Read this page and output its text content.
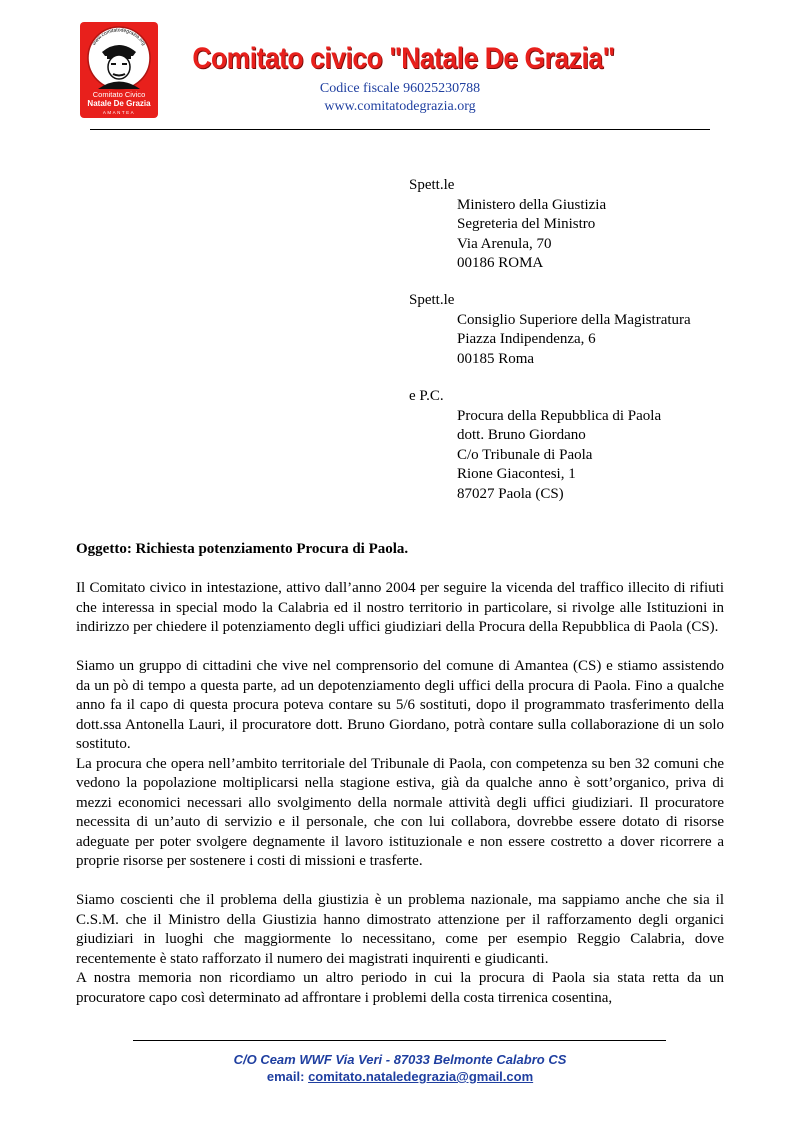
www.comitatodegrazia.org
Comitato Civico
Natale De Grazia
AMANTEA
Comitato civico "Natale De Grazia"
Codice fiscale 96025230788
www.comitatodegrazia.org
Spett.le
Ministero della Giustizia
Segreteria del Ministro
Via Arenula, 70
00186 ROMA
Spett.le
Consiglio Superiore della Magistratura
Piazza Indipendenza, 6
00185 Roma
e P.C.
Procura della Repubblica di Paola
dott. Bruno Giordano
C/o Tribunale di Paola
Rione Giacontesi, 1
87027 Paola (CS)
Oggetto: Richiesta potenziamento Procura di Paola.

Il Comitato civico in intestazione, attivo dall’anno 2004 per seguire la vicenda del traffico illecito di rifiuti che interessa in special modo la Calabria ed il nostro territorio in particolare, si rivolge alle Istituzioni in indirizzo per chiedere il potenziamento degli uffici giudiziari della Procura della Repubblica di Paola (CS).

Siamo un gruppo di cittadini che vive nel comprensorio del comune di Amantea (CS) e stiamo assistendo da un pò di tempo a questa parte, ad un depotenziamento degli uffici della procura di Paola. Fino a qualche anno fa il capo di questa procura poteva contare su 5/6 sostituti, dopo il programmato trasferimento della dott.ssa Antonella Lauri, il procuratore dott. Bruno Giordano, potrà contare sulla collaborazione di un solo sostituto.

La procura che opera nell’ambito territoriale del Tribunale di Paola, con competenza su ben 32 comuni che vedono la popolazione moltiplicarsi nella stagione estiva, già da qualche anno è sott’organico, priva di mezzi economici necessari allo svolgimento della normale attività degli uffici giudiziari. Il procuratore necessita di un’auto di servizio e il personale, che con lui collabora, dovrebbe essere dotato di risorse adeguate per poter svolgere degnamente il lavoro istituzionale e non essere costretto a dover ricorrere a proprie risorse per sostenere i costi di missioni e trasferte.

Siamo coscienti che il problema della giustizia è un problema nazionale, ma sappiamo anche che sia il C.S.M. che il Ministro della Giustizia hanno dimostrato attenzione per il rafforzamento degli organici giudiziari in luoghi che maggiormente lo necessitano, come per esempio Reggio Calabria, dove recentemente è stato rafforzato il numero dei magistrati inquirenti e giudicanti.

A nostra memoria non ricordiamo un altro periodo in cui la procura di Paola sia stata retta da un procuratore capo così determinato ad affrontare i problemi della costa tirrenica cosentina,

C/O Ceam WWF Via Veri - 87033 Belmonte Calabro CS
email: comitato.nataledegrazia@gmail.com
